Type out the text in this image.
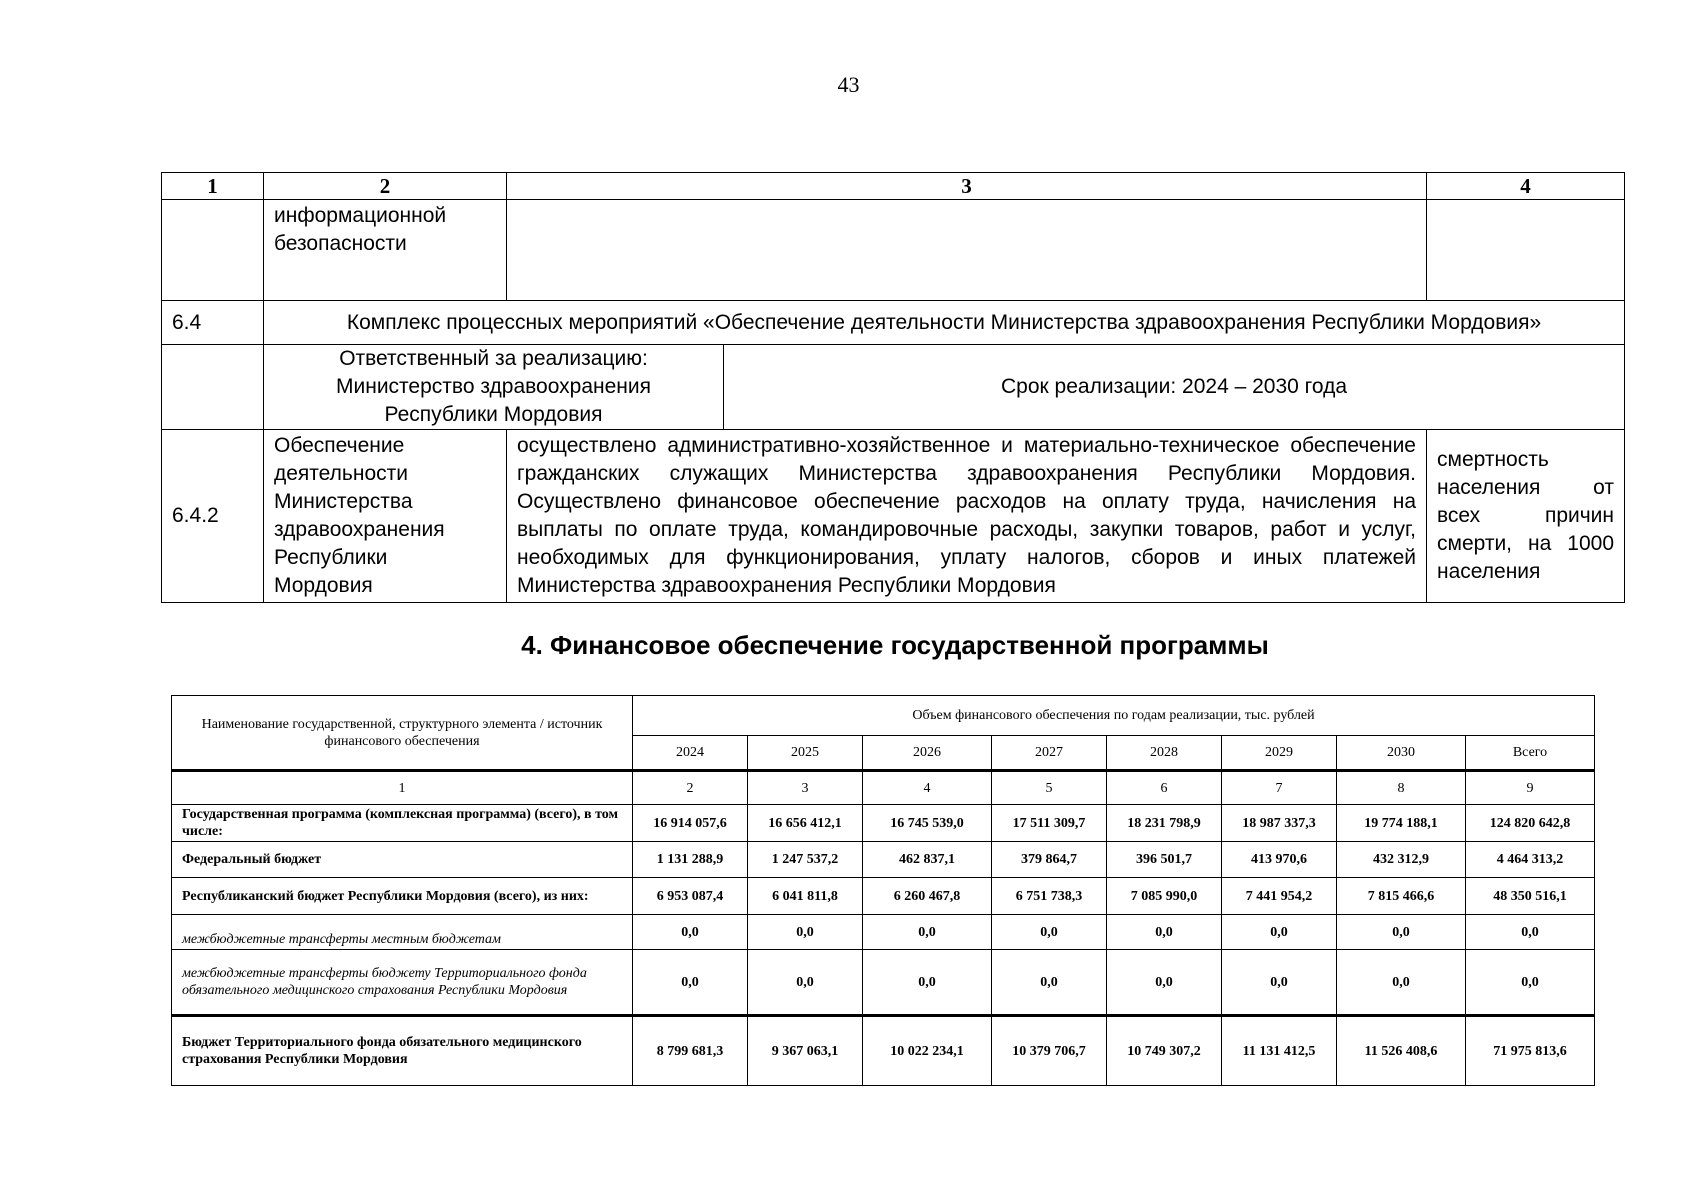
43
1	2	3		4
	информационной безопасности			
6.4	Комплекс процессных мероприятий «Обеспечение деятельности Министерства здравоохранения Республики Мордовия»			
	Ответственный за реализацию: Министерство здравоохранения Республики Мордовия		Срок реализации: 2024 – 2030 года	
6.4.2	Обеспечение деятельности Министерства здравоохранения Республики Мордовия	осуществлено административно-хозяйственное и материально-техническое обеспечение гражданских служащих Министерства здравоохранения Республики Мордовия. Осуществлено финансовое обеспечение расходов на оплату труда, начисления на выплаты по оплате труда, командировочные расходы, закупки товаров, работ и услуг, необходимых для функционирования, уплату налогов, сборов и иных платежей Министерства здравоохранения Республики Мордовия		смертность населения от всех причин смерти, на 1000 населения
4. Финансовое обеспечение государственной программы
Наименование государственной, структурного элемента / источник финансового обеспечения	Объем финансового обеспечения по годам реализации, тыс. рублей							
	2024	2025	2026	2027	2028	2029	2030	Всего
1	2	3	4	5	6	7	8	9
Государственная программа (комплексная программа) (всего), в том числе:	16 914 057,6	16 656 412,1	16 745 539,0	17 511 309,7	18 231 798,9	18 987 337,3	19 774 188,1	124 820 642,8
Федеральный бюджет	1 131 288,9	1 247 537,2	462 837,1	379 864,7	396 501,7	413 970,6	432 312,9	4 464 313,2
Республиканский бюджет Республики Мордовия (всего), из них:	6 953 087,4	6 041 811,8	6 260 467,8	6 751 738,3	7 085 990,0	7 441 954,2	7 815 466,6	48 350 516,1
межбюджетные трансферты местным бюджетам	0,0	0,0	0,0	0,0	0,0	0,0	0,0	0,0
межбюджетные трансферты бюджету Территориального фонда обязательного медицинского страхования Республики Мордовия	0,0	0,0	0,0	0,0	0,0	0,0	0,0	0,0
Бюджет Территориального фонда обязательного медицинского страхования Республики Мордовия	8 799 681,3	9 367 063,1	10 022 234,1	10 379 706,7	10 749 307,2	11 131 412,5	11 526 408,6	71 975 813,6
